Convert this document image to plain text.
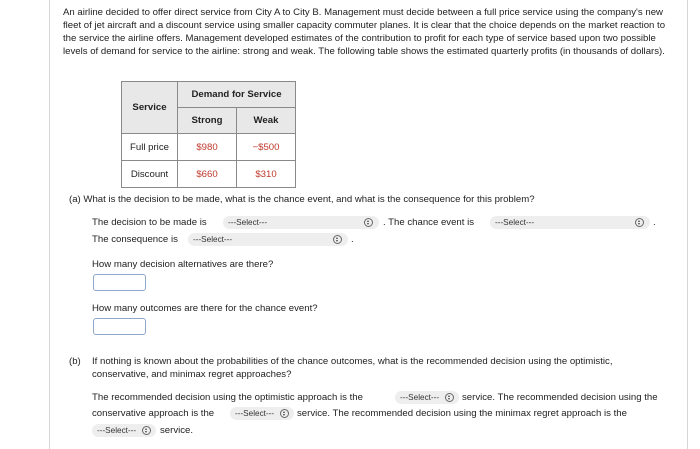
An airline decided to offer direct service from City A to City B. Management must decide between a full price service using the company's new fleet of jet aircraft and a discount service using smaller capacity commuter planes. It is clear that the choice depends on the market reaction to the service the airline offers. Management developed estimates of the contribution to profit for each type of service based upon two possible levels of demand for service to the airline: strong and weak. The following table shows the estimated quarterly profits (in thousands of dollars).
Service	Demand for Service	
	Strong	Weak
Full price	$980	−$500
Discount	$660	$310
(a) What is the decision to be made, what is the chance event, and what is the consequence for this problem?
The decision to be made is	---Select---	. The chance event is	---Select---	.
The consequence is	---Select---	.
How many decision alternatives are there?
How many outcomes are there for the chance event?
(b) If nothing is known about the probabilities of the chance outcomes, what is the recommended decision using the optimistic,
conservative, and minimax regret approaches?
The recommended decision using the optimistic approach is the	---Select---	service. The recommended decision using the
conservative approach is the	---Select---	service. The recommended decision using the minimax regret approach is the
---Select---	service.
